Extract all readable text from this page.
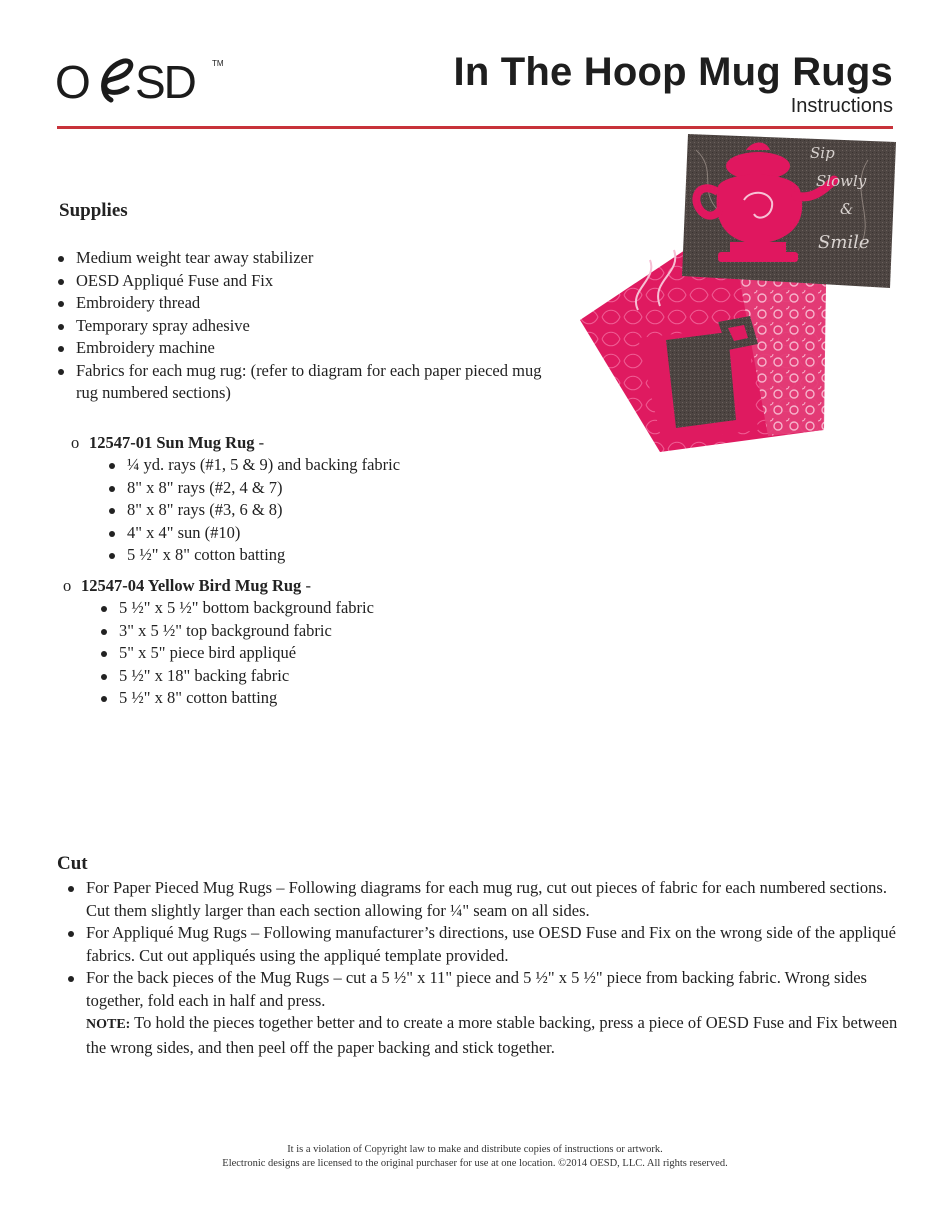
O SD TM	In The Hoop Mug Rugs
Instructions
Sip
Slowly
&
Smile
Supplies
Medium weight tear away stabilizer
OESD Appliqué Fuse and Fix
Embroidery thread
Temporary spray adhesive
Embroidery machine
Fabrics for each mug rug: (refer to diagram for each paper pieced mug rug numbered sections)
o 12547-01 Sun Mug Rug -
¼ yd. rays (#1, 5 & 9) and backing fabric
8" x 8" rays (#2, 4 & 7)
8" x 8" rays (#3, 6 & 8)
4" x 4" sun (#10)
5 ½" x 8" cotton batting
o 12547-04 Yellow Bird Mug Rug -
5 ½" x 5 ½" bottom background fabric
3" x 5 ½" top background fabric
5" x 5" piece bird appliqué
5 ½" x 18" backing fabric
5 ½" x 8" cotton batting
Cut
For Paper Pieced Mug Rugs – Following diagrams for each mug rug, cut out pieces of fabric for each numbered sections. Cut them slightly larger than each section allowing for ¼" seam on all sides.
For Appliqué Mug Rugs – Following manufacturer’s directions, use OESD Fuse and Fix on the wrong side of the appliqué fabrics. Cut out appliqués using the appliqué template provided.
For the back pieces of the Mug Rugs – cut a 5 ½" x 11" piece and 5 ½" x 5 ½" piece from backing fabric. Wrong sides together, fold each in half and press.
NOTE: To hold the pieces together better and to create a more stable backing, press a piece of OESD Fuse and Fix between the wrong sides, and then peel off the paper backing and stick together.
It is a violation of Copyright law to make and distribute copies of instructions or artwork.
Electronic designs are licensed to the original purchaser for use at one location. ©2014 OESD, LLC. All rights reserved.
